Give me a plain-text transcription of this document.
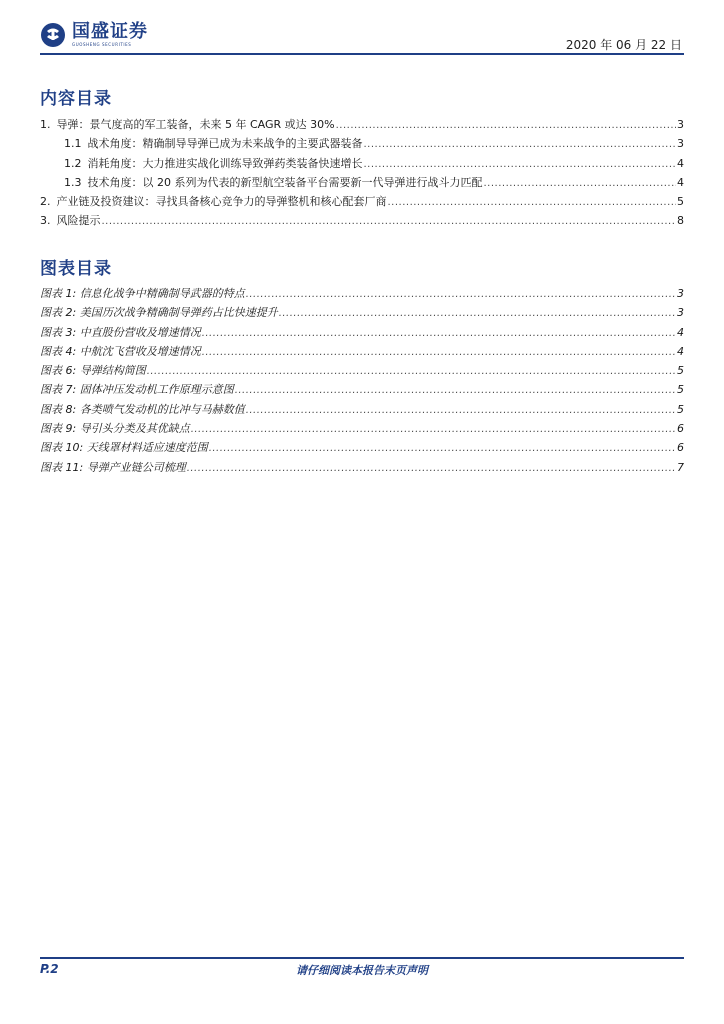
国盛证券
GUOSHENG SECURITIES	2020 年 06 月 22 日
内容目录
1. 导弹：景气度高的军工装备，未来 5 年 CAGR 或达 30% .....	3
1.1 战术角度：精确制导导弹已成为未来战争的主要武器装备 .....	3
1.2 消耗角度：大力推进实战化训练导致弹药类装备快速增长 .....	4
1.3 技术角度：以 20 系列为代表的新型航空装备平台需要新一代导弹进行战斗力匹配 .....	4
2. 产业链及投资建议：寻找具备核心竞争力的导弹整机和核心配套厂商 .....	5
3. 风险提示 .....	8
图表目录
图表 1: 信息化战争中精确制导武器的特点 .....	3
图表 2: 美国历次战争精确制导弹药占比快速提升 .....	3
图表 3: 中直股份营收及增速情况 .....	4
图表 4: 中航沈飞营收及增速情况 .....	4
图表 6: 导弹结构简图 .....	5
图表 7: 固体冲压发动机工作原理示意图 .....	5
图表 8: 各类喷气发动机的比冲与马赫数值 .....	5
图表 9: 导引头分类及其优缺点 .....	6
图表 10: 天线罩材料适应速度范围 .....	6
图表 11: 导弹产业链公司梳理 .....	7
P.2	请仔细阅读本报告末页声明
